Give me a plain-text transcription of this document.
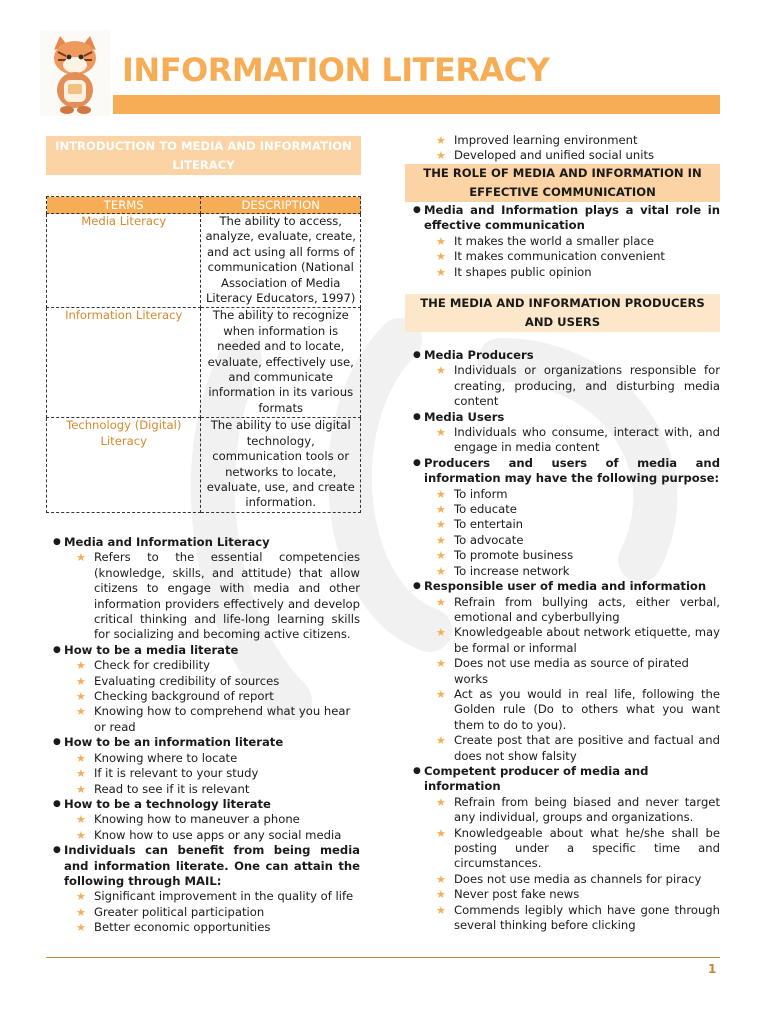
INFORMATION LITERACY
INTRODUCTION TO MEDIA AND INFORMATION LITERACY
TERMS	DESCRIPTION
Media Literacy	The ability to access, analyze, evaluate, create, and act using all forms of communication (National Association of Media Literacy Educators, 1997)
Information Literacy	The ability to recognize when information is needed and to locate, evaluate, effectively use, and communicate information in its various formats
Technology (Digital) Literacy	The ability to use digital technology, communication tools or networks to locate, evaluate, use, and create information.
● Media and Information Literacy
★ Refers to the essential competencies (knowledge, skills, and attitude) that allow citizens to engage with media and other information providers effectively and develop critical thinking and life-long learning skills for socializing and becoming active citizens.
● How to be a media literate
★ Check for credibility
★ Evaluating credibility of sources
★ Checking background of report
★ Knowing how to comprehend what you hear or read
● How to be an information literate
★ Knowing where to locate
★ If it is relevant to your study
★ Read to see if it is relevant
● How to be a technology literate
★ Knowing how to maneuver a phone
★ Know how to use apps or any social media
● Individuals can benefit from being media and information literate. One can attain the following through MAIL:
★ Significant improvement in the quality of life
★ Greater political participation
★ Better economic opportunities
★ Improved learning environment
★ Developed and unified social units
THE ROLE OF MEDIA AND INFORMATION IN EFFECTIVE COMMUNICATION
● Media and Information plays a vital role in effective communication
★ It makes the world a smaller place
★ It makes communication convenient
★ It shapes public opinion
THE MEDIA AND INFORMATION PRODUCERS AND USERS
● Media Producers
★ Individuals or organizations responsible for creating, producing, and disturbing media content
● Media Users
★ Individuals who consume, interact with, and engage in media content
● Producers and users of media and information may have the following purpose:
★ To inform
★ To educate
★ To entertain
★ To advocate
★ To promote business
★ To increase network
● Responsible user of media and information
★ Refrain from bullying acts, either verbal, emotional and cyberbullying
★ Knowledgeable about network etiquette, may be formal or informal
★ Does not use media as source of pirated works
★ Act as you would in real life, following the Golden rule (Do to others what you want them to do to you).
★ Create post that are positive and factual and does not show falsity
● Competent producer of media and information
★ Refrain from being biased and never target any individual, groups and organizations.
★ Knowledgeable about what he/she shall be posting under a specific time and circumstances.
★ Does not use media as channels for piracy
★ Never post fake news
★ Commends legibly which have gone through several thinking before clicking
1
